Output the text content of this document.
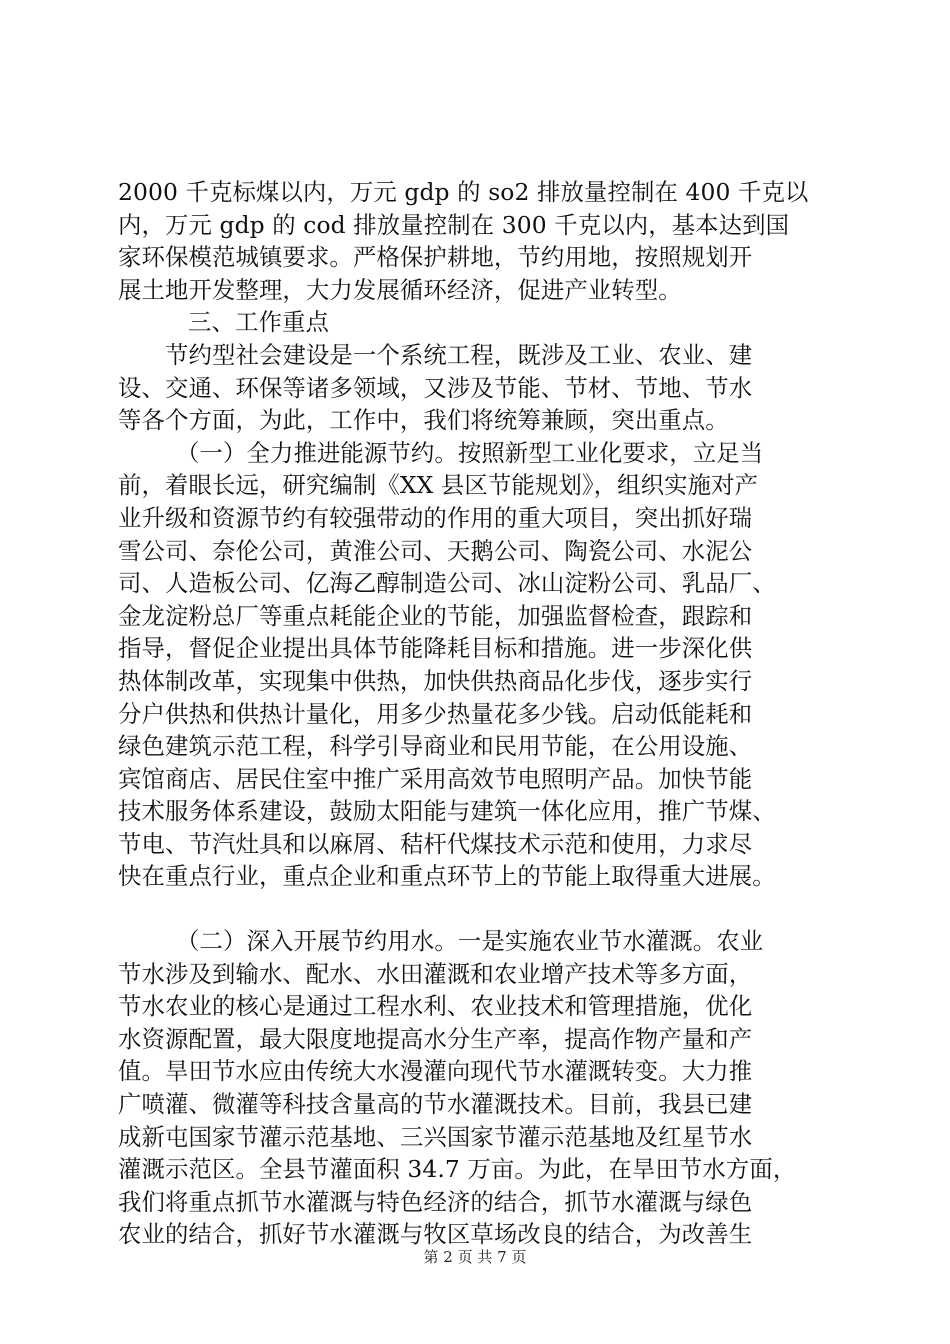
2000 千克标煤以内，万元 gdp 的 so2 排放量控制在 400 千克以
内，万元 gdp 的 cod 排放量控制在 300 千克以内，基本达到国
家环保模范城镇要求。严格保护耕地，节约用地，按照规划开
展土地开发整理，大力发展循环经济，促进产业转型。
三、工作重点
节约型社会建设是一个系统工程，既涉及工业、农业、建
设、交通、环保等诸多领域，又涉及节能、节材、节地、节水
等各个方面，为此，工作中，我们将统筹兼顾，突出重点。
（一）全力推进能源节约。按照新型工业化要求，立足当
前，着眼长远，研究编制《XX 县区节能规划》，组织实施对产
业升级和资源节约有较强带动的作用的重大项目，突出抓好瑞
雪公司、奈伦公司，黄淮公司、天鹅公司、陶瓷公司、水泥公
司、人造板公司、亿海乙醇制造公司、冰山淀粉公司、乳品厂、
金龙淀粉总厂等重点耗能企业的节能，加强监督检查，跟踪和
指导，督促企业提出具体节能降耗目标和措施。进一步深化供
热体制改革，实现集中供热，加快供热商品化步伐，逐步实行
分户供热和供热计量化，用多少热量花多少钱。启动低能耗和
绿色建筑示范工程，科学引导商业和民用节能，在公用设施、
宾馆商店、居民住室中推广采用高效节电照明产品。加快节能
技术服务体系建设，鼓励太阳能与建筑一体化应用，推广节煤、
节电、节汽灶具和以麻屑、秸杆代煤技术示范和使用，力求尽
快在重点行业，重点企业和重点环节上的节能上取得重大进展。
（二）深入开展节约用水。一是实施农业节水灌溉。农业
节水涉及到输水、配水、水田灌溉和农业增产技术等多方面，
节水农业的核心是通过工程水利、农业技术和管理措施，优化
水资源配置，最大限度地提高水分生产率，提高作物产量和产
值。旱田节水应由传统大水漫灌向现代节水灌溉转变。大力推
广喷灌、微灌等科技含量高的节水灌溉技术。目前，我县已建
成新屯国家节灌示范基地、三兴国家节灌示范基地及红星节水
灌溉示范区。全县节灌面积 34.7 万亩。为此，在旱田节水方面，
我们将重点抓节水灌溉与特色经济的结合，抓节水灌溉与绿色
农业的结合，抓好节水灌溉与牧区草场改良的结合，为改善生
第 2 页 共 7 页
